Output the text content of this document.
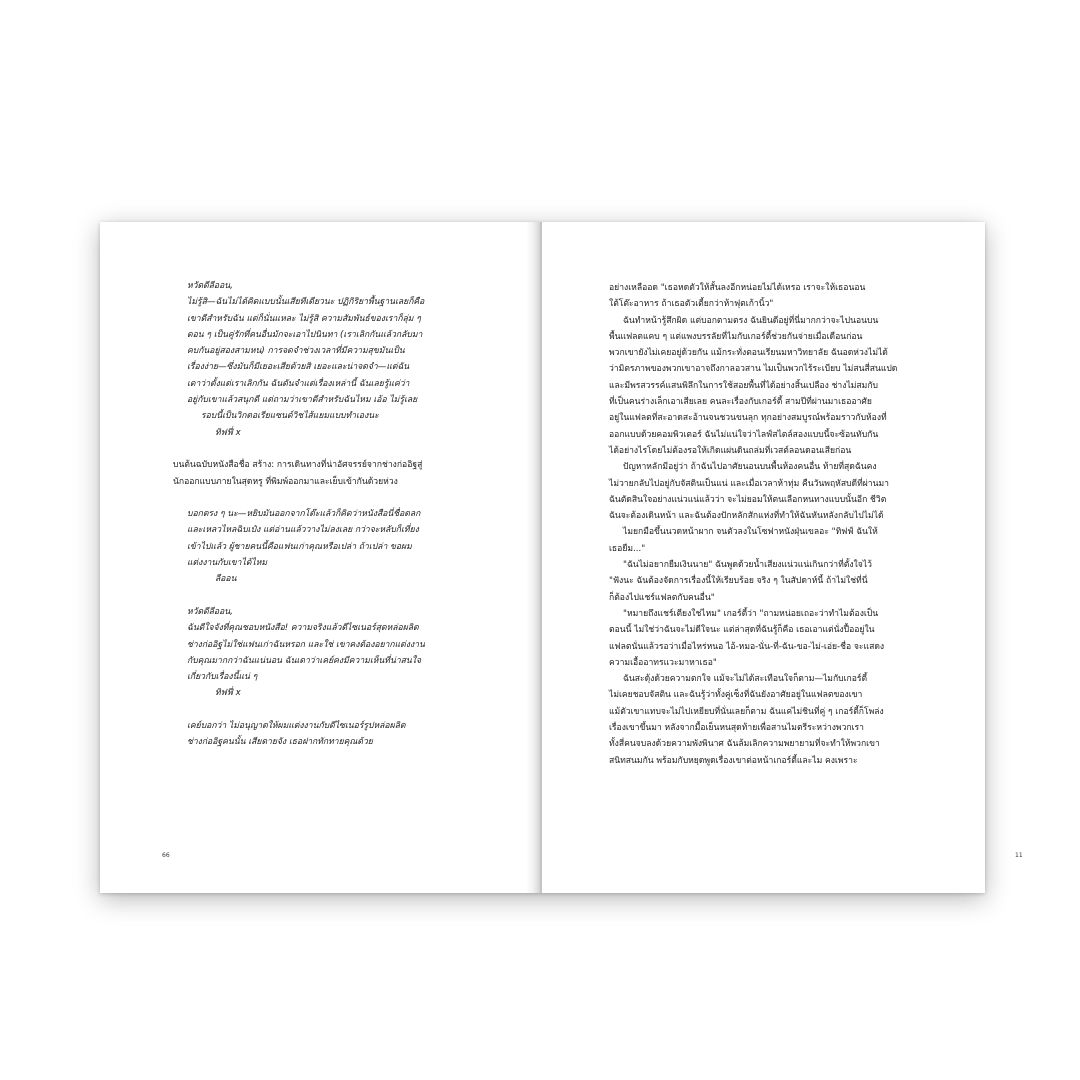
หวัดดีลีออน,
ไม่รู้สิ—ฉันไม่ได้คิดแบบนั้นเสียทีเดียวนะ ปฏิกิริยาพื้นฐานเลยก็คือ
เขาดีสำหรับฉัน แต่ก็นั่นแหละ ไม่รู้สิ ความสัมพันธ์ของเราก็ลุ่ม ๆ
ดอน ๆ เป็นคู่รักที่คนอื่นมักจะเอาไปนินทา (เราเลิกกันแล้วกลับมา
คบกันอยู่สองสามหน) การจดจำช่วงเวลาที่มีความสุขมันเป็น
เรื่องง่าย—ซึ่งมันก็มีเยอะเสียด้วยสิ เยอะและน่าจดจำ—แต่ฉัน
เดาว่าตั้งแต่เราเลิกกัน ฉันดันจำแต่เรื่องเหล่านี้ ฉันเลยรู้แค่ว่า
อยู่กับเขาแล้วสนุกดี แต่ถามว่าเขาดีสำหรับฉันไหม เอ้อ ไม่รู้เลย
รอบนี้เป็นวิกตอเรียแซนด์วิชไส้แยมแบบทำเองนะ
ทิฟฟี่ x
บนต้นฉบับหนังสือชื่อ สร้าง: การเดินทางที่น่าอัศจรรย์จากช่างก่ออิฐสู่
นักออกแบบภายในสุดหรู ที่พิมพ์ออกมาและเย็บเข้ากันด้วยห่วง
บอกตรง ๆ นะ—หยิบมันออกจากโต๊ะแล้วก็คิดว่าหนังสือนี่ชื่อตลก
และเหลวไหลฉิบเป๋ง แต่อ่านแล้ววางไม่ลงเลย กว่าจะหลับก็เที่ยง
เข้าไปแล้ว ผู้ชายคนนี้คือแฟนเก่าคุณหรือเปล่า ถ้าเปล่า ขอผม
แต่งงานกับเขาได้ไหม
ลีออน
หวัดดีลีออน,
ฉันดีใจจังที่คุณชอบหนังสือ! ความจริงแล้วดีไซเนอร์สุดหล่อผลิต
ช่างก่ออิฐไม่ใช่แฟนเก่าฉันหรอก และใช่ เขาคงต้องอยากแต่งงาน
กับคุณมากกว่าฉันแน่นอน ฉันเดาว่าเคย์คงมีความเห็นที่น่าสนใจ
เกี่ยวกับเรื่องนี้แน่ ๆ
ทิฟฟี่ x
เคย์บอกว่า ไม่อนุญาตให้ผมแต่งงานกับดีไซเนอร์รูปหล่อผลิต
ช่างก่ออิฐคนนั้น เสียดายจัง เธอฝากทักทายคุณด้วย
66
อย่างเหลืออด "เธอหดตัวให้สั้นลงอีกหน่อยไม่ได้เหรอ เราจะให้เธอนอน
ใต้โต๊ะอาหาร ถ้าเธอตัวเตี้ยกว่าห้าฟุตเก้านิ้ว"
ฉันทำหน้ารู้สึกผิด แต่บอกตามตรง ฉันยินดีอยู่ที่นี่มากกว่าจะไปนอนบน
พื้นแฟลตแคบ ๆ แต่แพงบรรลัยที่ไมกับเกอร์ตี้ช่วยกันจ่ายเมื่อเดือนก่อน
พวกเขายังไม่เคยอยู่ด้วยกัน แม้กระทั่งตอนเรียนมหาวิทยาลัย ฉันอดห่วงไม่ได้
ว่ามิตรภาพของพวกเขาอาจถึงกาลอวสาน ไมเป็นพวกไร้ระเบียบ ไม่สนสี่สนแปด
และมีพรสวรรค์แสนพิลึกในการใช้สอยพื้นที่ได้อย่างสิ้นเปลือง ช่างไม่สมกับ
ที่เป็นคนร่างเล็กเอาเสียเลย คนละเรื่องกับเกอร์ตี้ สามปีที่ผ่านมาเธออาศัย
อยู่ในแฟลตที่สะอาดสะอ้านจนชวนขนลุก ทุกอย่างสมบูรณ์พร้อมราวกับห้องที่
ออกแบบด้วยคอมพิวเตอร์ ฉันไม่แน่ใจว่าไลฟ์สไตล์สองแบบนี้จะซ้อนทับกัน
ได้อย่างไรโดยไม่ต้องรอให้เกิดแผ่นดินถล่มที่เวสต์ลอนดอนเสียก่อน
ปัญหาหลักมีอยู่ว่า ถ้าฉันไปอาศัยนอนบนพื้นห้องคนอื่น ท้ายที่สุดฉันคง
ไม่วายกลับไปอยู่กับจัสตินเป็นแน่ และเมื่อเวลาห้าทุ่ม คืนวันพฤหัสบดีที่ผ่านมา
ฉันตัดสินใจอย่างแน่วแน่แล้วว่า จะไม่ยอมให้ตนเลือกหนทางแบบนั้นอีก ชีวิต
ฉันจะต้องเดินหน้า และฉันต้องปักหลักสักแห่งที่ทำให้ฉันหันหลังกลับไปไม่ได้
ไมยกมือขึ้นนวดหน้าผาก จนตัวลงในโซฟาหนังฝุ่นเขลอะ "ทิฟฟ์ ฉันให้
เธอยืม..."
"ฉันไม่อยากยืมเงินนาย" ฉันพูดด้วยน้ำเสียงแน่วแน่เกินกว่าที่ตั้งใจไว้
"ฟังนะ ฉันต้องจัดการเรื่องนี้ให้เรียบร้อย จริง ๆ ในสัปดาห์นี้ ถ้าไม่ใช่ที่นี่
ก็ต้องไปแชร์แฟลตกับคนอื่น"
"หมายถึงแชร์เตียงใช่ไหม" เกอร์ตี้ว่า "ถามหน่อยเถอะว่าทำไมต้องเป็น
ตอนนี้ ไม่ใช่ว่าฉันจะไม่ดีใจนะ แต่ล่าสุดที่ฉันรู้ก็คือ เธอเอาแต่นั่งปื้ออยู่ใน
แฟลตนั่นแล้วรอว่าเมื่อไหร่หนอ ไอ้-หมอ-นั่น-ที่-ฉัน-ขอ-ไม่-เอ่ย-ชื่อ จะแสดง
ความเอื้ออาทรแวะมาหาเธอ"
ฉันสะดุ้งด้วยความตกใจ แม้จะไม่ได้สะเทือนใจก็ตาม—ไมกับเกอร์ตี้
ไม่เคยชอบจัสติน และฉันรู้ว่าทั้งคู่เซ็งที่ฉันยังอาศัยอยู่ในแฟลตของเขา
แม้ตัวเขาแทบจะไม่ไปเหยียบที่นั่นเลยก็ตาม ฉันแค่ไม่ชินที่คู่ ๆ เกอร์ตี้ก็โพล่ง
เรื่องเขาขึ้นมา หลังจากมื้อเย็นหนสุดท้ายเพื่อสานไมตรีระหว่างพวกเรา
ทั้งสี่คนจบลงด้วยความพังพินาศ ฉันล้มเลิกความพยายามที่จะทำให้พวกเขา
สนิทสนมกัน พร้อมกับหยุดพูดเรื่องเขาต่อหน้าเกอร์ตี้และไม คงเพราะ
11
